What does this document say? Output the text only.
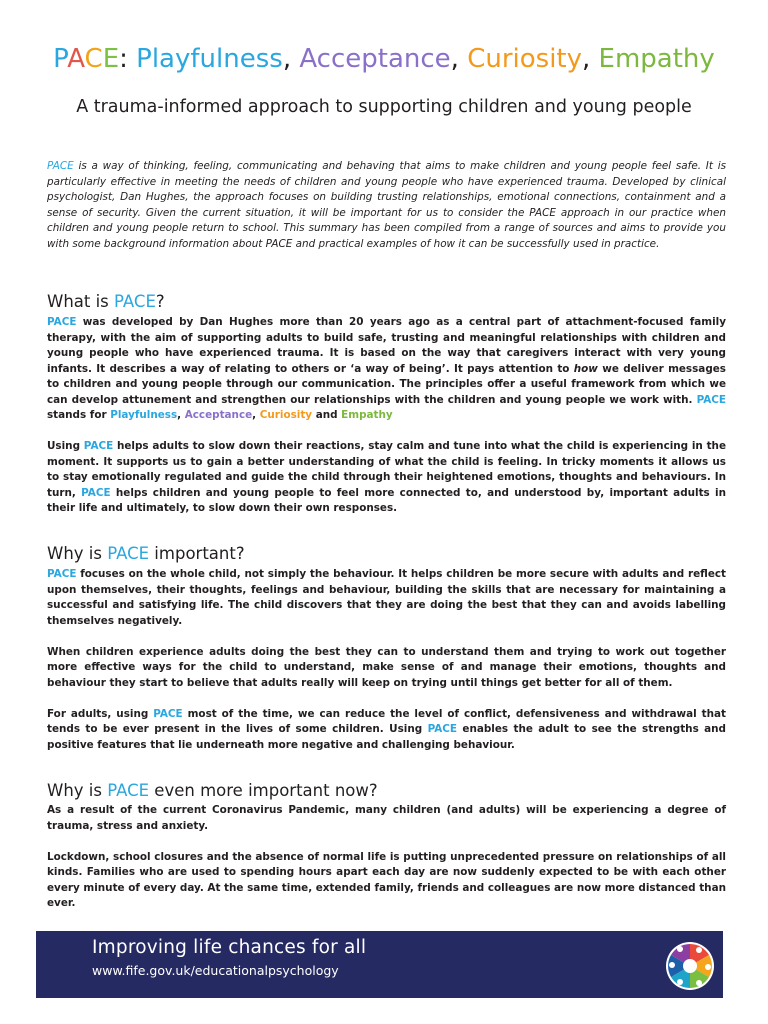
PACE: Playfulness, Acceptance, Curiosity, Empathy
A trauma-informed approach to supporting children and young people

PACE is a way of thinking, feeling, communicating and behaving that aims to make children and young people feel safe. It is particularly effective in meeting the needs of children and young people who have experienced trauma. Developed by clinical psychologist, Dan Hughes, the approach focuses on building trusting relationships, emotional connections, containment and a sense of security. Given the current situation, it will be important for us to consider the PACE approach in our practice when children and young people return to school. This summary has been compiled from a range of sources and aims to provide you with some background information about PACE and practical examples of how it can be successfully used in practice.

What is PACE?

PACE was developed by Dan Hughes more than 20 years ago as a central part of attachment-focused family therapy, with the aim of supporting adults to build safe, trusting and meaningful relationships with children and young people who have experienced trauma. It is based on the way that caregivers interact with very young infants. It describes a way of relating to others or ‘a way of being’. It pays attention to how we deliver messages to children and young people through our communication. The principles offer a useful framework from which we can develop attunement and strengthen our relationships with the children and young people we work with. PACE stands for Playfulness, Acceptance, Curiosity and Empathy

Using PACE helps adults to slow down their reactions, stay calm and tune into what the child is experiencing in the moment. It supports us to gain a better understanding of what the child is feeling. In tricky moments it allows us to stay emotionally regulated and guide the child through their heightened emotions, thoughts and behaviours. In turn, PACE helps children and young people to feel more connected to, and understood by, important adults in their life and ultimately, to slow down their own responses.

Why is PACE important?

PACE focuses on the whole child, not simply the behaviour. It helps children be more secure with adults and reflect upon themselves, their thoughts, feelings and behaviour, building the skills that are necessary for maintaining a successful and satisfying life. The child discovers that they are doing the best that they can and avoids labelling themselves negatively.

When children experience adults doing the best they can to understand them and trying to work out together more effective ways for the child to understand, make sense of and manage their emotions, thoughts and behaviour they start to believe that adults really will keep on trying until things get better for all of them.

For adults, using PACE most of the time, we can reduce the level of conflict, defensiveness and withdrawal that tends to be ever present in the lives of some children. Using PACE enables the adult to see the strengths and positive features that lie underneath more negative and challenging behaviour.

Why is PACE even more important now?

As a result of the current Coronavirus Pandemic, many children (and adults) will be experiencing a degree of trauma, stress and anxiety.

Lockdown, school closures and the absence of normal life is putting unprecedented pressure on relationships of all kinds. Families who are used to spending hours apart each day are now suddenly expected to be with each other every minute of every day. At the same time, extended family, friends and colleagues are now more distanced than ever.

Improving life chances for all
www.fife.gov.uk/educationalpsychology
